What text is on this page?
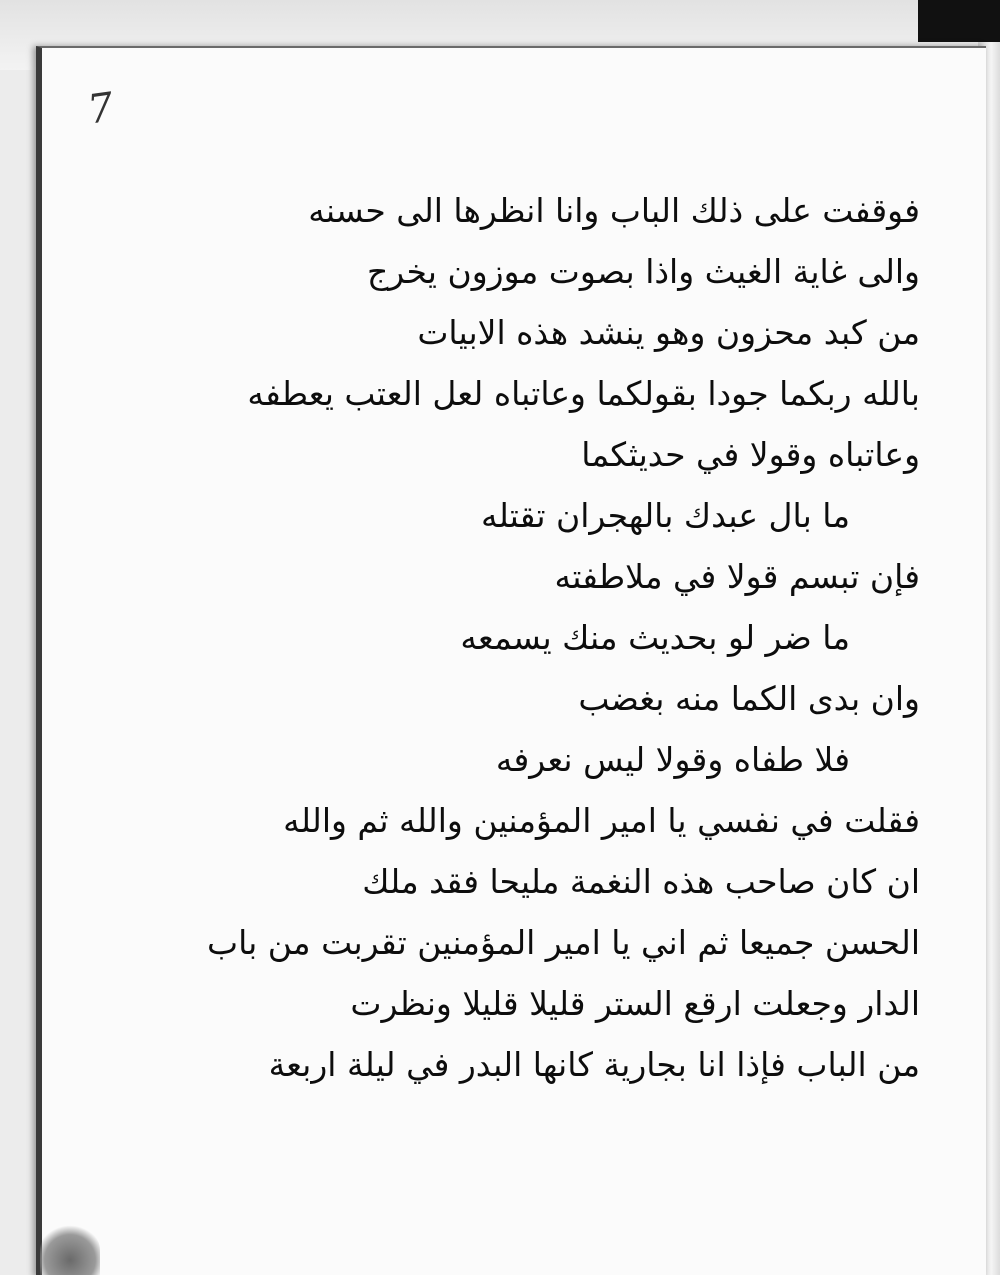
7

فوقفت على ذلك الباب وانا انظرها الى حسنه

والى غاية الغيث واذا بصوت موزون يخرج

من كبد محزون وهو ينشد هذه الابيات

بالله ربكما جودا بقولكما وعاتباه لعل العتب يعطفه

وعاتباه وقولا في حديثكما

ما بال عبدك بالهجران تقتله

فإن تبسم قولا في ملاطفته

ما ضر لو بحديث منك يسمعه

وان بدى الكما منه بغضب

فلا طفاه وقولا ليس نعرفه

فقلت في نفسي يا امير المؤمنين والله ثم والله

ان كان صاحب هذه النغمة مليحا فقد ملك

الحسن جميعا ثم اني يا امير المؤمنين تقربت من باب

الدار وجعلت ارقع الستر قليلا قليلا ونظرت

من الباب فإذا انا بجارية كانها البدر في ليلة اربعة
